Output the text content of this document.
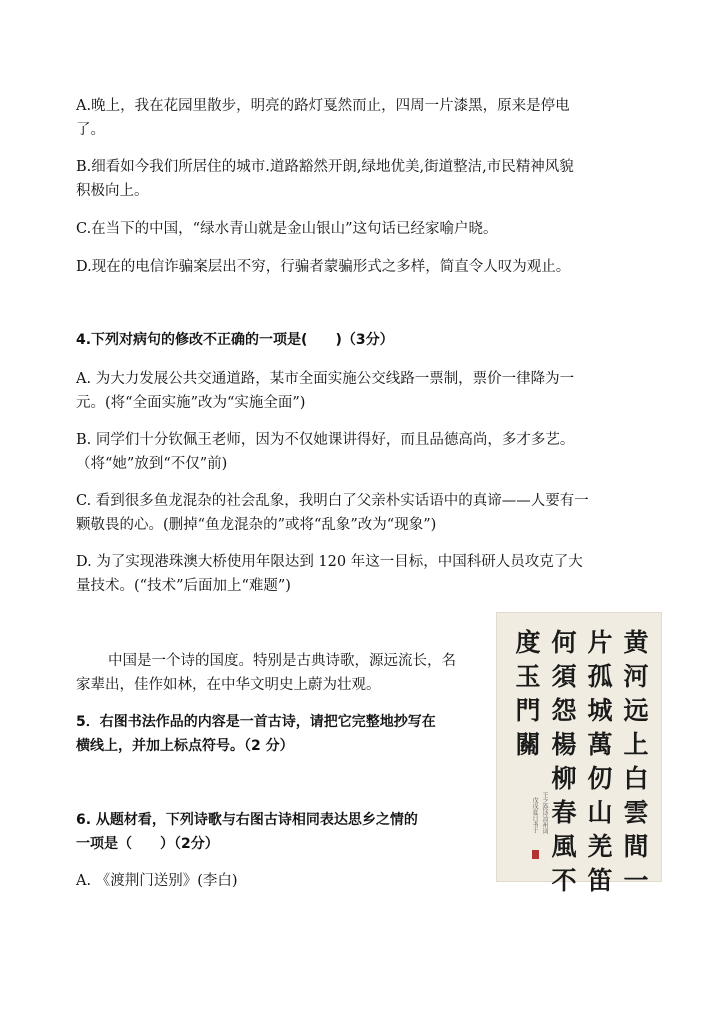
A.晚上，我在花园里散步，明亮的路灯戛然而止，四周一片漆黑，原来是停电
了。
B.细看如今我们所居住的城市.道路豁然开朗,绿地优美,街道整洁,市民精神风貌
积极向上。
C.在当下的中国，“绿水青山就是金山银山”这句话已经家喻户晓。
D.现在的电信诈骗案层出不穷，行骗者蒙骗形式之多样，简直令人叹为观止。
4.下列对病句的修改不正确的一项是(　　)（3分）
A. 为大力发展公共交通道路，某市全面实施公交线路一票制，票价一律降为一
元。(将“全面实施”改为“实施全面”)
B. 同学们十分钦佩王老师，因为不仅她课讲得好，而且品德高尚，多才多艺。
（将“她”放到“不仅”前)
C. 看到很多鱼龙混杂的社会乱象，我明白了父亲朴实话语中的真谛——人要有一
颗敬畏的心。(删掉“鱼龙混杂的”或将“乱象”改为“现象”)
D. 为了实现港珠澳大桥使用年限达到 120 年这一目标，中国科研人员攻克了大
量技术。(“技术”后面加上“难题”)
中国是一个诗的国度。特别是古典诗歌，源远流长，名
家辈出，佳作如林，在中华文明史上蔚为壮观。
5．右图书法作品的内容是一首古诗，请把它完整地抄写在
横线上，并加上标点符号。（2 分）
6. 从题材看，下列诗歌与右图古诗相同表达思乡之情的
一项是（　　）（2分）
A. 《渡荆门送别》(李白)
黄
河
远
上
白
雲
間
一
片
孤
城
萬
仞
山
羌
笛
何
須
怨
楊
柳
春
風
不
度
玉
門
關
王之涣诗凉州词
戊戌夏日书于
